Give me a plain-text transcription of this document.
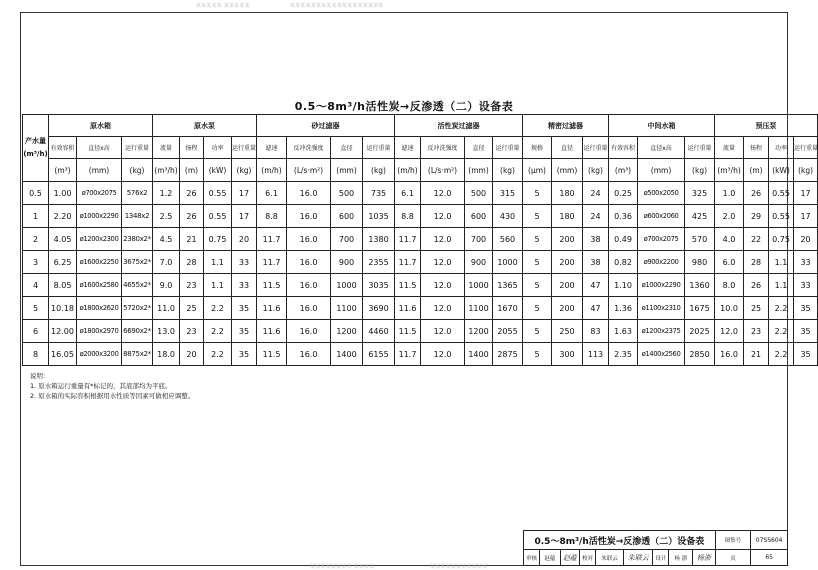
某某某某某 某某某某某	某某某某某某某某某某某某某某某某某某
0.5～8m³/h活性炭→反渗透（二）设备表
产水量
(m³/h)	原水箱			原水泵				砂过滤器				活性炭过滤器				精密过滤器			中间水箱			预压泵			
	有效容积	直径x高	运行重量	流量	扬程	功率	运行重量	滤速	反冲洗强度	直径	运行重量	滤速	反冲洗强度	直径	运行重量	规格	直径	运行重量	有效容积	直径x高	运行重量	流量	扬程	功率	运行重量
	(m³)	(mm)	(kg)	(m³/h)	(m)	(kW)	(kg)	(m/h)	(L/s·m²)	(mm)	(kg)	(m/h)	(L/s·m²)	(mm)	(kg)	(μm)	(mm)	(kg)	(m³)	(mm)	(kg)	(m³/h)	(m)	(kW)	(kg)
0.5	1.00	ø700x2075	576x2	1.2	26	0.55	17	6.1	16.0	500	735	6.1	12.0	500	315	5	180	24	0.25	ø500x2050	325	1.0	26	0.55	17
1	2.20	ø1000x2290	1348x2	2.5	26	0.55	17	8.8	16.0	600	1035	8.8	12.0	600	430	5	180	24	0.36	ø600x2060	425	2.0	29	0.55	17
2	4.05	ø1200x2300	2380x2*	4.5	21	0.75	20	11.7	16.0	700	1380	11.7	12.0	700	560	5	200	38	0.49	ø700x2075	570	4.0	22	0.75	20
3	6.25	ø1600x2250	3675x2*	7.0	28	1.1	33	11.7	16.0	900	2355	11.7	12.0	900	1000	5	200	38	0.82	ø900x2200	980	6.0	28	1.1	33
4	8.05	ø1600x2580	4655x2*	9.0	23	1.1	33	11.5	16.0	1000	3035	11.5	12.0	1000	1365	5	200	47	1.10	ø1000x2290	1360	8.0	26	1.1	33
5	10.18	ø1800x2620	5720x2*	11.0	25	2.2	35	11.6	16.0	1100	3690	11.6	12.0	1100	1670	5	200	47	1.36	ø1100x2310	1675	10.0	25	2.2	35
6	12.00	ø1800x2970	6690x2*	13.0	23	2.2	35	11.6	16.0	1200	4460	11.5	12.0	1200	2055	5	250	83	1.63	ø1200x2375	2025	12.0	23	2.2	35
8	16.05	ø2000x3200	8875x2*	18.0	20	2.2	35	11.5	16.0	1400	6155	11.7	12.0	1400	2875	5	300	113	2.35	ø1400x2560	2850	16.0	21	2.2	35
说明：
1. 原水箱运行重量有*标记的，其底部均为平底。
2. 原水箱的实际容积根据用水性质等因素可做相应调整。
0.5～8m³/h活性炭→反渗透（二）设备表									图集号	07SS604
审核	赵蕴	赵蕴	校对	朱联云	朱联云	设计	杨 浙	杨浙	页	65
某某某某某某某某 某某某某	某某某某某某某某某某某
